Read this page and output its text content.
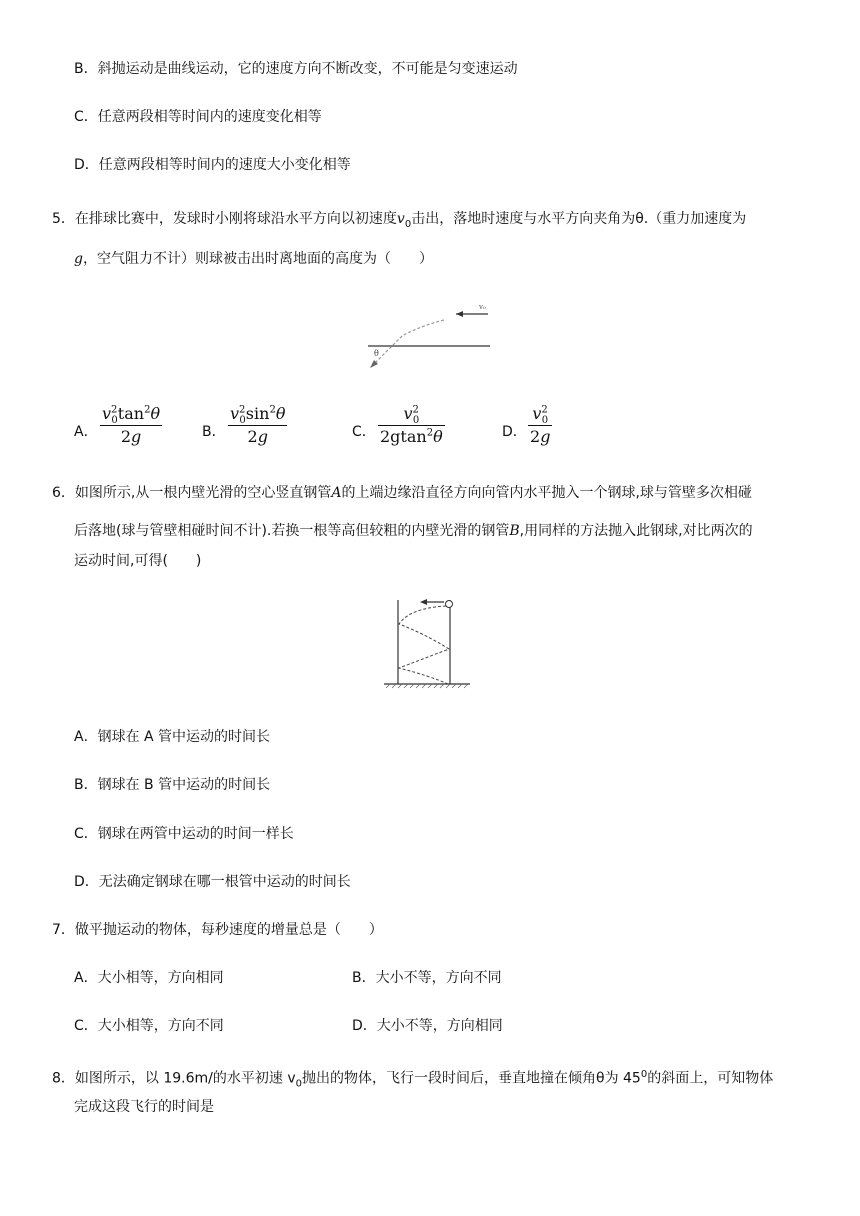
B．斜抛运动是曲线运动，它的速度方向不断改变，不可能是匀变速运动
C．任意两段相等时间内的速度变化相等
D．任意两段相等时间内的速度大小变化相等
5．在排球比赛中，发球时小刚将球沿水平方向以初速度$v_0$击出，落地时速度与水平方向夹角为θ.（重力加速度为
g，空气阻力不计）则球被击出时离地面的高度为（　　）
v₀
θ
A．
$v^2_0\tan^2\theta$
2g	B．
$v^2_0\sin^2\theta$
2g	C．
$v^2_0$
2gtan$^2$θ	D．
$v^2_0$
2g
6．如图所示,从一根内壁光滑的空心竖直钢管A的上端边缘沿直径方向向管内水平抛入一个钢球,球与管壁多次相碰
后落地(球与管壁相碰时间不计).若换一根等高但较粗的内壁光滑的钢管B,用同样的方法抛入此钢球,对比两次的
运动时间,可得(　　)
A．钢球在 A 管中运动的时间长
B．钢球在 B 管中运动的时间长
C．钢球在两管中运动的时间一样长
D．无法确定钢球在哪一根管中运动的时间长
7．做平抛运动的物体，每秒速度的增量总是（　　）
A．大小相等，方向相同	B．大小不等，方向不同
C．大小相等，方向不同	D．大小不等，方向相同
8．如图所示，以 19.6m/的水平初速 $v_0$抛出的物体，飞行一段时间后，垂直地撞在倾角θ为 $45^0$的斜面上，可知物体
完成这段飞行的时间是
